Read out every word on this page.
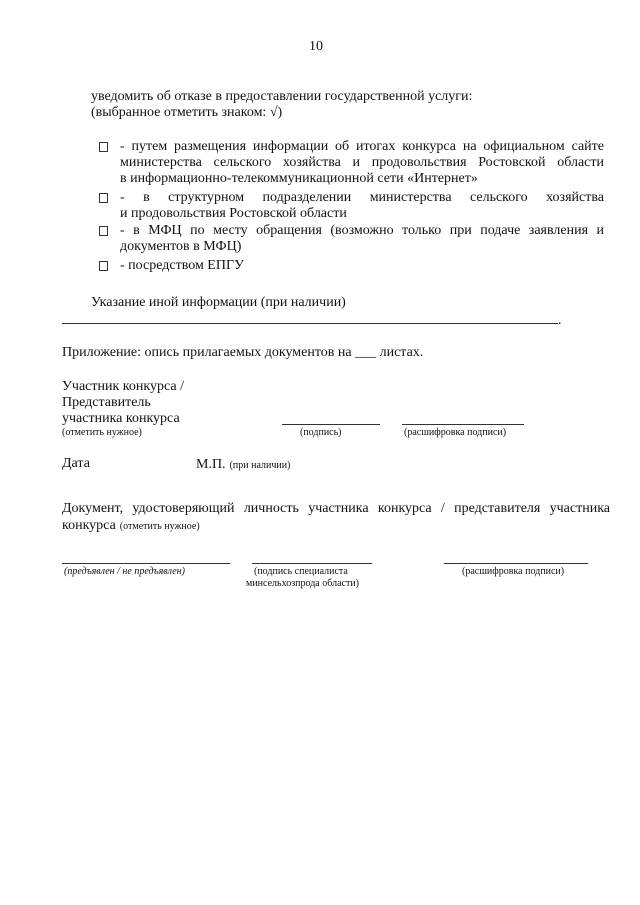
10
уведомить об отказе в предоставлении государственной услуги:
(выбранное отметить знаком: √)
- путем размещения информации об итогах конкурса на официальном сайте
министерства сельского хозяйства и продовольствия Ростовской области
в информационно-телекоммуникационной сети «Интернет»
- в структурном подразделении министерства сельского хозяйства
и продовольствия Ростовской области
- в МФЦ по месту обращения (возможно только при подаче заявления и
документов в МФЦ)
- посредством ЕПГУ
Указание иной информации (при наличии)
.
Приложение: опись прилагаемых документов на ___ листах.
Участник конкурса /
Представитель
участника конкурса
(отметить нужное)	(подпись)	(расшифровка подписи)
Дата	М.П. (при наличии)
Документ, удостоверяющий личность участника конкурса / представителя участника
конкурса (отметить нужное)
(предъявлен / не предъявлен)	(подпись специалиста
минсельхозпрода области)
(расшифровка подписи)
